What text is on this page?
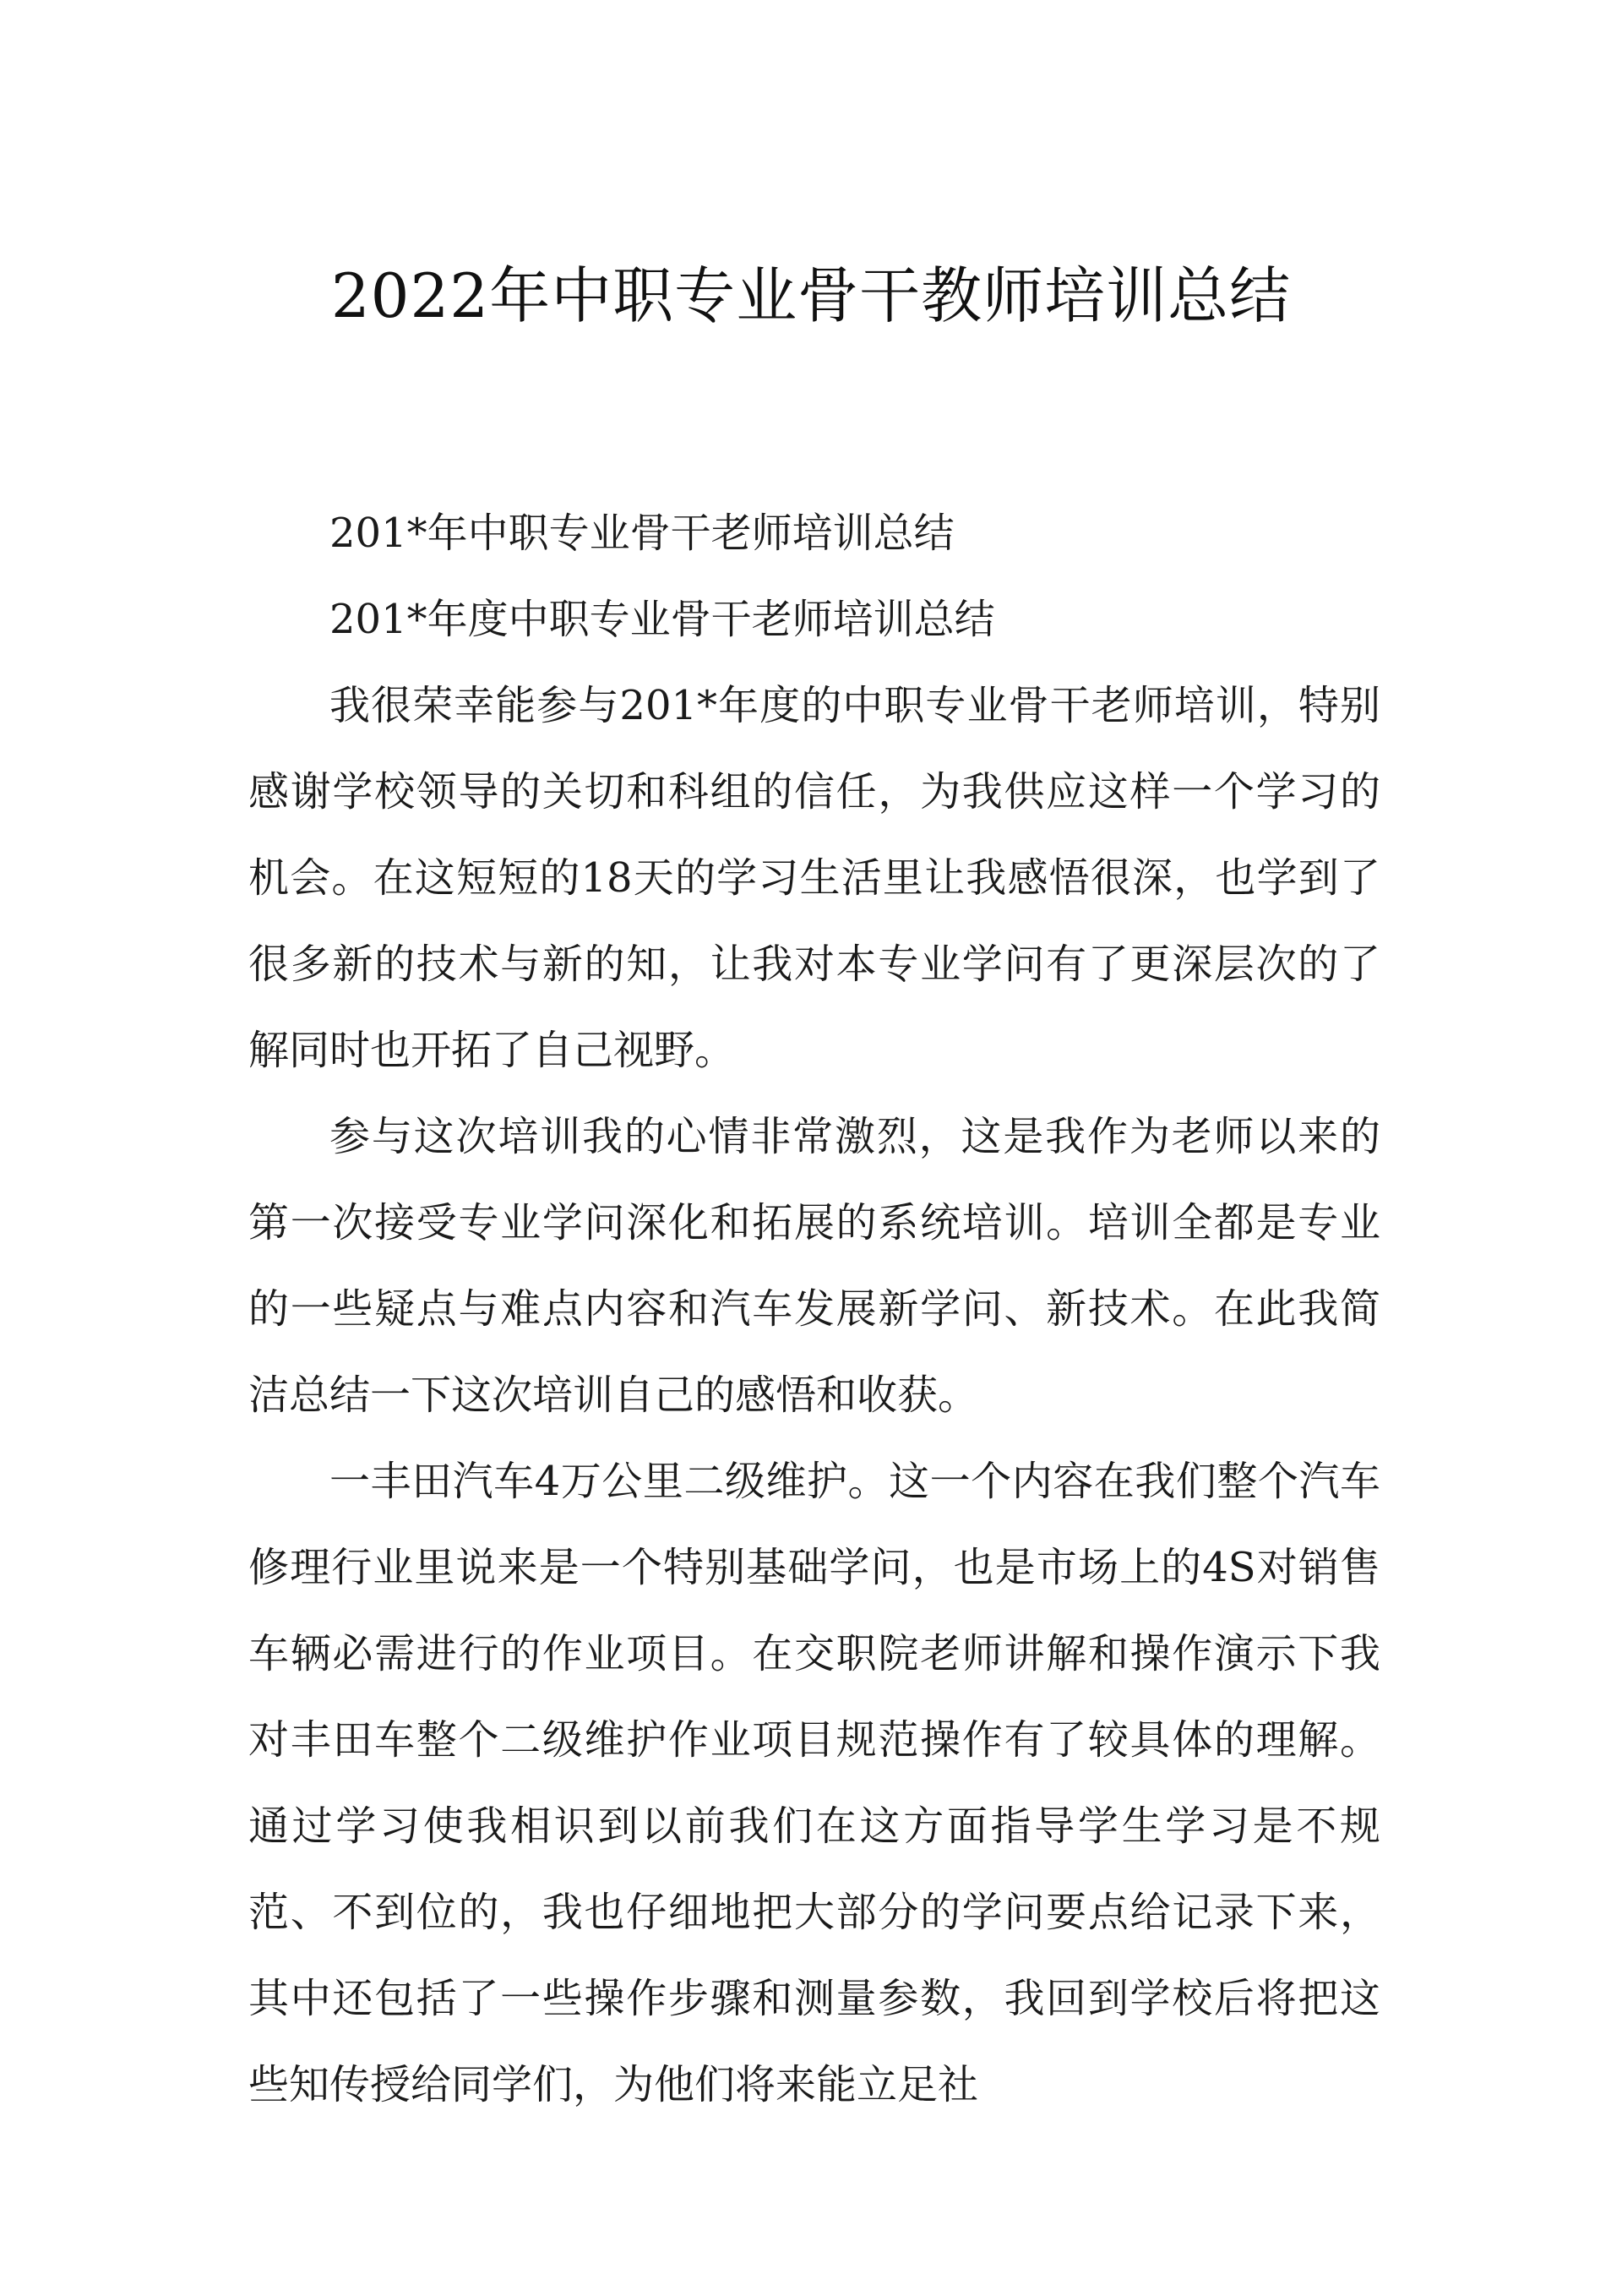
2022年中职专业骨干教师培训总结

201*年中职专业骨干老师培训总结

201*年度中职专业骨干老师培训总结

我很荣幸能参与201*年度的中职专业骨干老师培训，特别感谢学校领导的关切和科组的信任，为我供应这样一个学习的机会。在这短短的18天的学习生活里让我感悟很深，也学到了很多新的技术与新的知，让我对本专业学问有了更深层次的了解同时也开拓了自己视野。

参与这次培训我的心情非常激烈，这是我作为老师以来的第一次接受专业学问深化和拓展的系统培训。培训全都是专业的一些疑点与难点内容和汽车发展新学问、新技术。在此我简洁总结一下这次培训自己的感悟和收获。

一丰田汽车4万公里二级维护。这一个内容在我们整个汽车修理行业里说来是一个特别基础学问，也是市场上的4S对销售车辆必需进行的作业项目。在交职院老师讲解和操作演示下我对丰田车整个二级维护作业项目规范操作有了较具体的理解。通过学习使我相识到以前我们在这方面指导学生学习是不规范、不到位的，我也仔细地把大部分的学问要点给记录下来，其中还包括了一些操作步骤和测量参数，我回到学校后将把这些知传授给同学们，为他们将来能立足社
